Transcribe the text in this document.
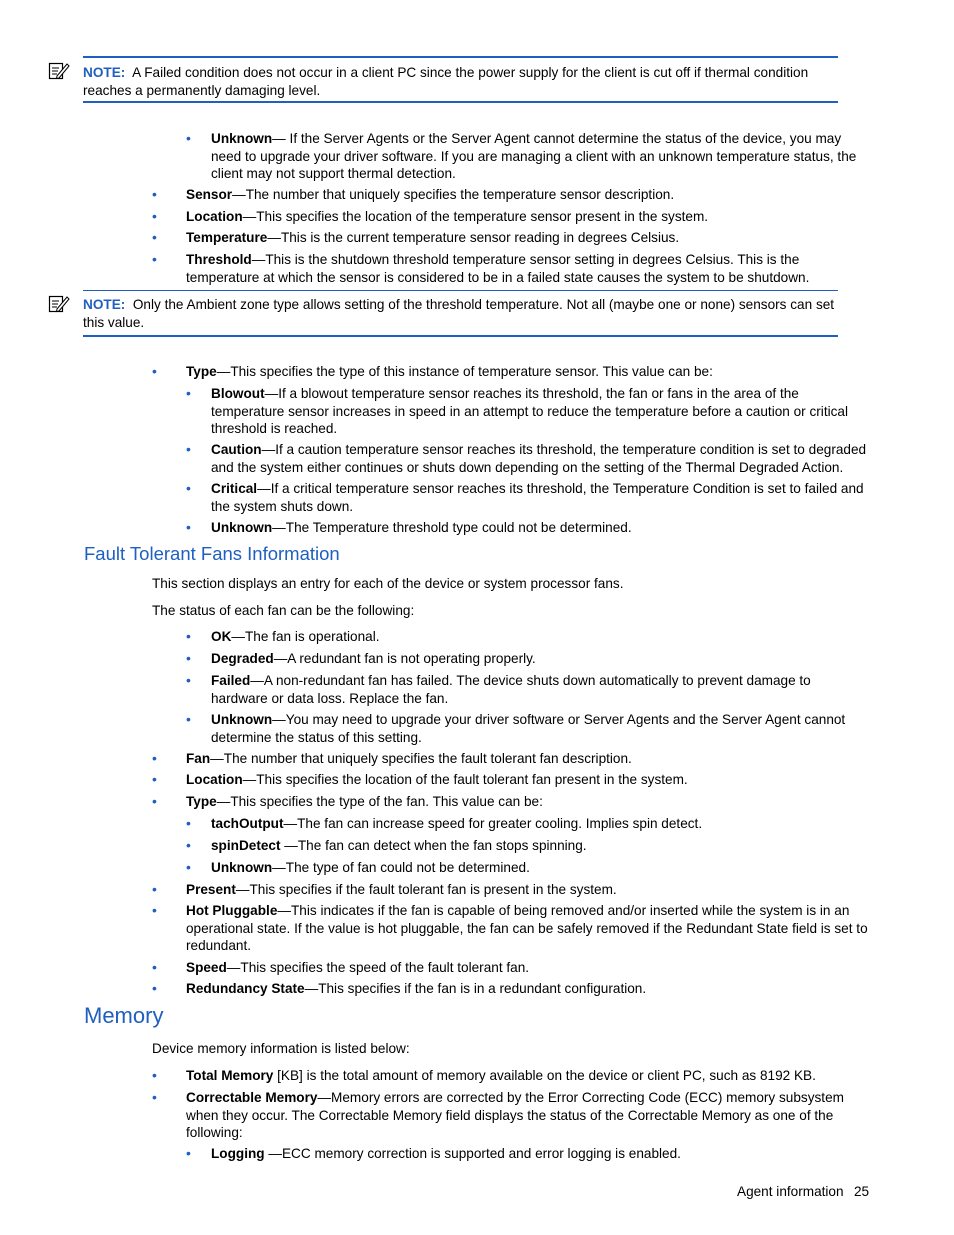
NOTE: A Failed condition does not occur in a client PC since the power supply for the client is cut off if thermal condition reaches a permanently damaging level.
• Unknown— If the Server Agents or the Server Agent cannot determine the status of the device, you may need to upgrade your driver software. If you are managing a client with an unknown temperature status, the client may not support thermal detection.
• Sensor—The number that uniquely specifies the temperature sensor description.
• Location—This specifies the location of the temperature sensor present in the system.
• Temperature—This is the current temperature sensor reading in degrees Celsius.
• Threshold—This is the shutdown threshold temperature sensor setting in degrees Celsius. This is the temperature at which the sensor is considered to be in a failed state causes the system to be shutdown.
NOTE: Only the Ambient zone type allows setting of the threshold temperature. Not all (maybe one or none) sensors can set this value.
• Type—This specifies the type of this instance of temperature sensor. This value can be:
• Blowout—If a blowout temperature sensor reaches its threshold, the fan or fans in the area of the temperature sensor increases in speed in an attempt to reduce the temperature before a caution or critical threshold is reached.
• Caution—If a caution temperature sensor reaches its threshold, the temperature condition is set to degraded and the system either continues or shuts down depending on the setting of the Thermal Degraded Action.
• Critical—If a critical temperature sensor reaches its threshold, the Temperature Condition is set to failed and the system shuts down.
• Unknown—The Temperature threshold type could not be determined.
Fault Tolerant Fans Information
This section displays an entry for each of the device or system processor fans.
The status of each fan can be the following:
• OK—The fan is operational.
• Degraded—A redundant fan is not operating properly.
• Failed—A non-redundant fan has failed. The device shuts down automatically to prevent damage to hardware or data loss. Replace the fan.
• Unknown—You may need to upgrade your driver software or Server Agents and the Server Agent cannot determine the status of this setting.
• Fan—The number that uniquely specifies the fault tolerant fan description.
• Location—This specifies the location of the fault tolerant fan present in the system.
• Type—This specifies the type of the fan. This value can be:
• tachOutput—The fan can increase speed for greater cooling. Implies spin detect.
• spinDetect —The fan can detect when the fan stops spinning.
• Unknown—The type of fan could not be determined.
• Present—This specifies if the fault tolerant fan is present in the system.
• Hot Pluggable—This indicates if the fan is capable of being removed and/or inserted while the system is in an operational state. If the value is hot pluggable, the fan can be safely removed if the Redundant State field is set to redundant.
• Speed—This specifies the speed of the fault tolerant fan.
• Redundancy State—This specifies if the fan is in a redundant configuration.
Memory
Device memory information is listed below:
• Total Memory [KB] is the total amount of memory available on the device or client PC, such as 8192 KB.
• Correctable Memory—Memory errors are corrected by the Error Correcting Code (ECC) memory subsystem when they occur. The Correctable Memory field displays the status of the Correctable Memory as one of the following:
• Logging —ECC memory correction is supported and error logging is enabled.
Agent information 25
